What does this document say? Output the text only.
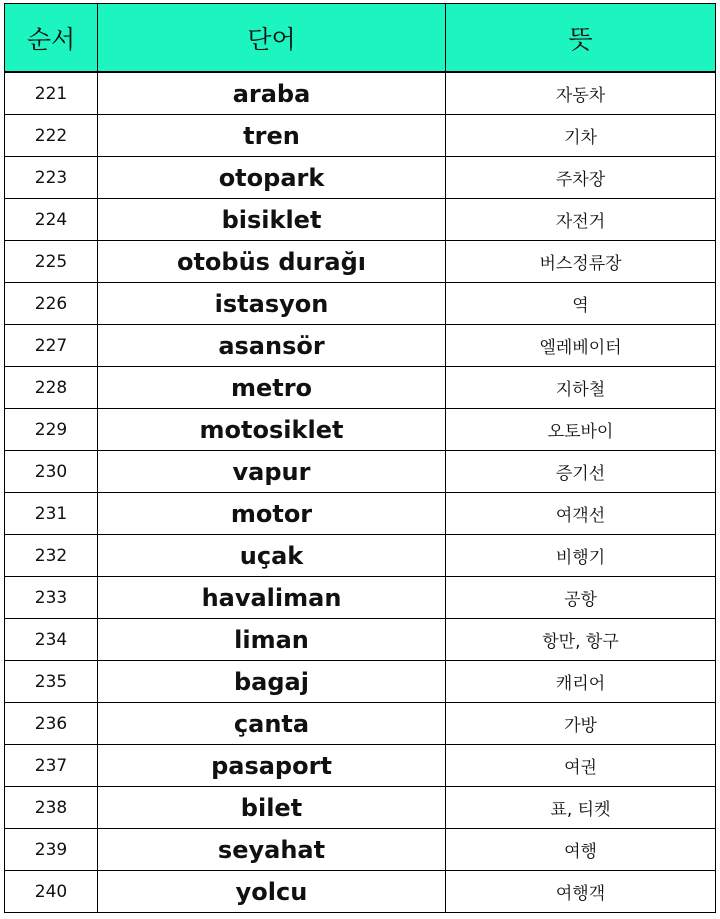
순서	단어	뜻
221	araba	자동차
222	tren	기차
223	otopark	주차장
224	bisiklet	자전거
225	otobüs durağı	버스정류장
226	istasyon	역
227	asansör	엘레베이터
228	metro	지하철
229	motosiklet	오토바이
230	vapur	증기선
231	motor	여객선
232	uçak	비행기
233	havaliman	공항
234	liman	항만, 항구
235	bagaj	캐리어
236	çanta	가방
237	pasaport	여권
238	bilet	표, 티켓
239	seyahat	여행
240	yolcu	여행객
